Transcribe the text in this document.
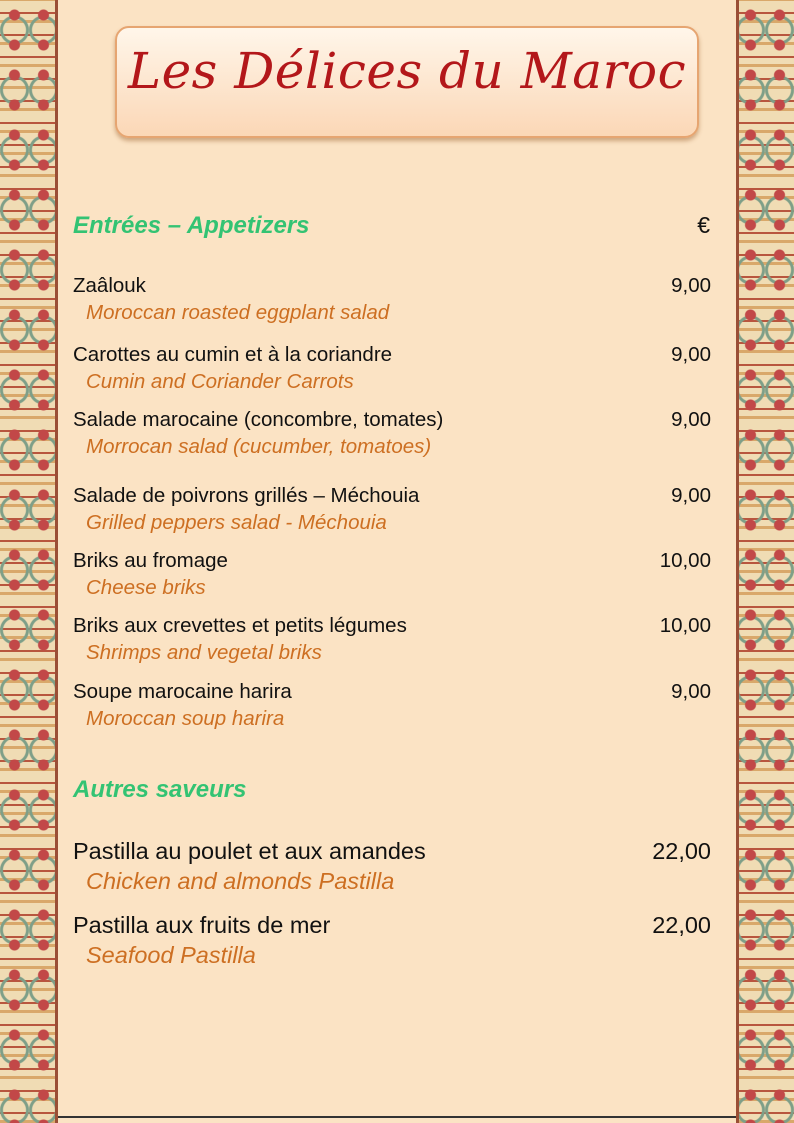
Les Délices du Maroc
Entrées – Appetizers	€
Zaâlouk	9,00
Moroccan roasted eggplant salad
Carottes au cumin et à la coriandre	9,00
Cumin and Coriander Carrots
Salade marocaine (concombre, tomates)	9,00
Morrocan salad (cucumber, tomatoes)
Salade de poivrons grillés – Méchouia	9,00
Grilled peppers salad - Méchouia
Briks au fromage	10,00
Cheese briks
Briks aux crevettes et petits légumes	10,00
Shrimps and vegetal briks
Soupe marocaine harira	9,00
Moroccan soup harira
Autres saveurs
Pastilla au poulet et aux amandes	22,00
Chicken and almonds Pastilla
Pastilla aux fruits de mer	22,00
Seafood Pastilla
